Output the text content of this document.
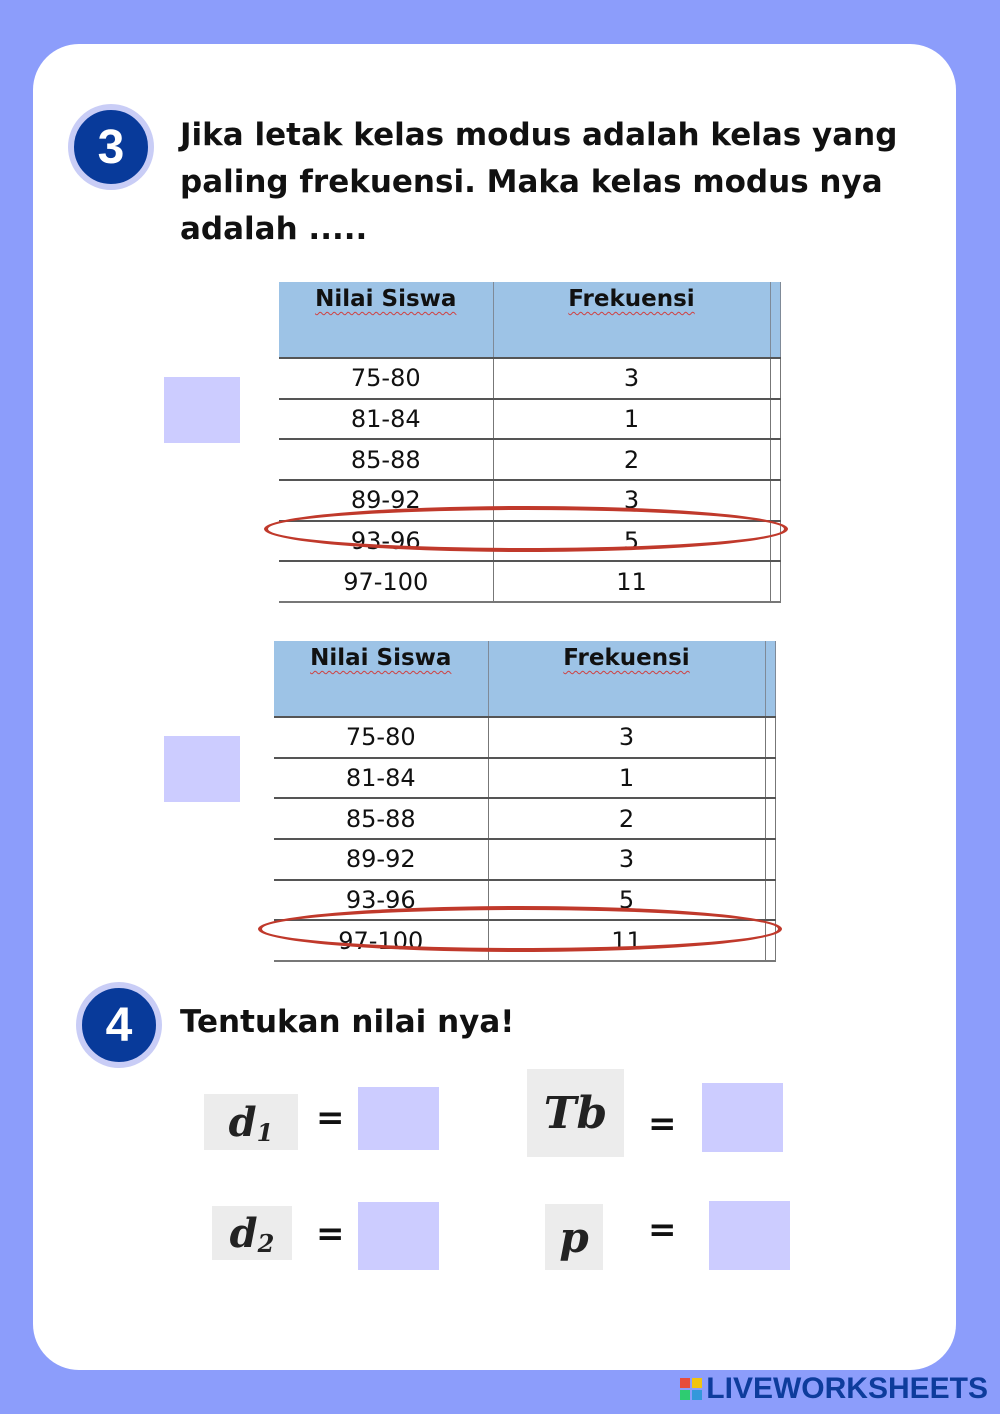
3 Jika letak kelas modus adalah kelas yang
paling frekuensi. Maka kelas modus nya
adalah .....
Nilai Siswa	Frekuensi	
75-80	3	
81-84	1	
85-88	2	
89-92	3	
93-96	5	
97-100	11	
Nilai Siswa	Frekuensi	
75-80	3	
81-84	1	
85-88	2	
89-92	3	
93-96	5	
97-100	11	
4 Tentukan nilai nya!
$d_1$ =	Tb	=
$d_2$ =	p	=
LIVEWORKSHEETS
